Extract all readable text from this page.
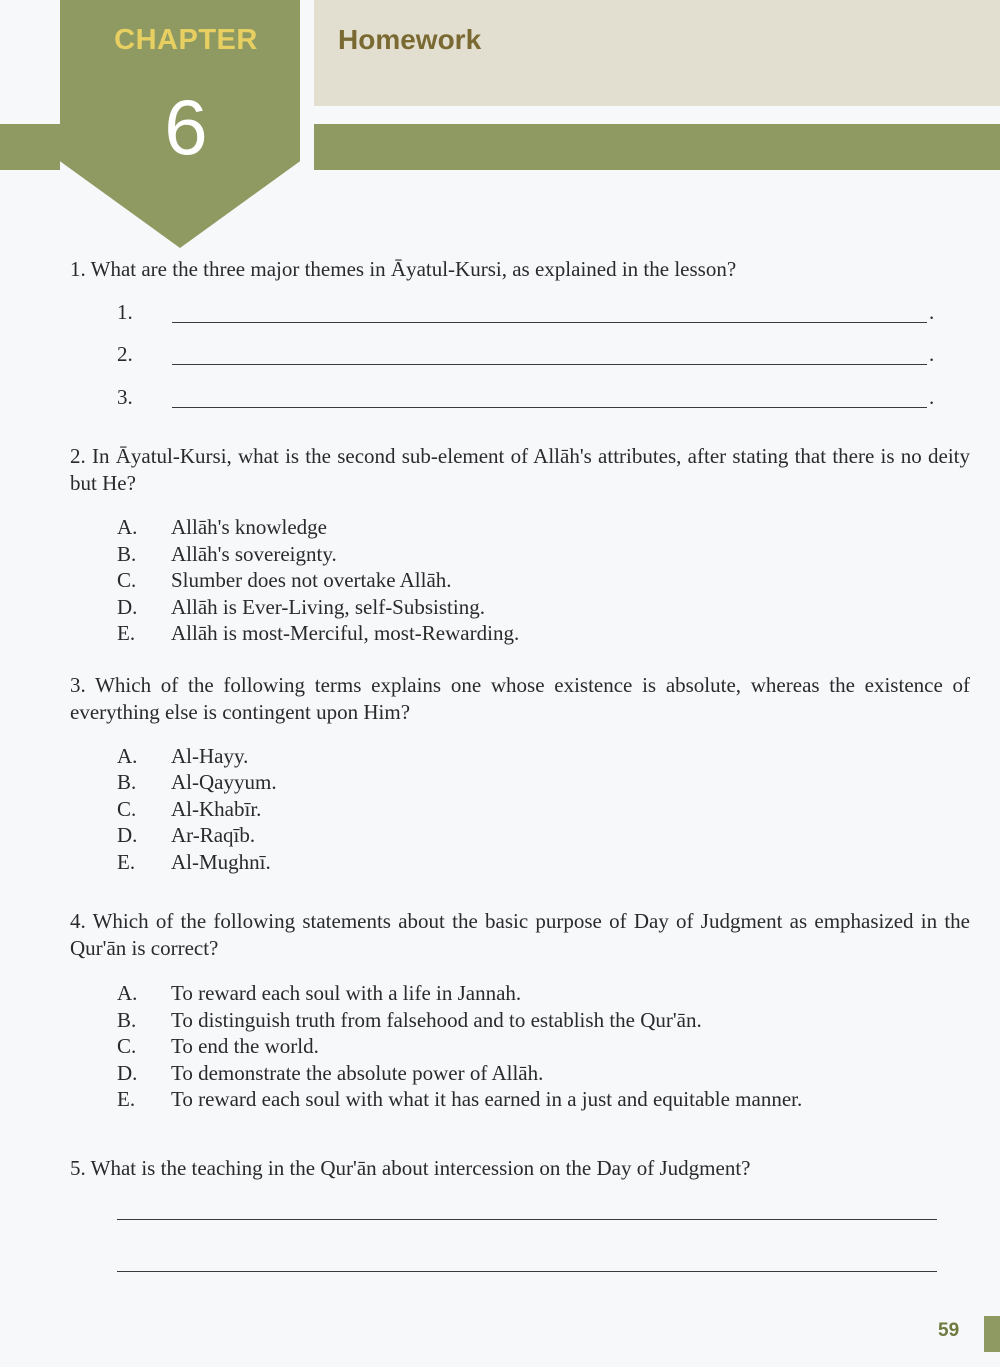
CHAPTER
6
Homework
1. What are the three major themes in Āyatul-Kursi, as explained in the lesson?
1.	.
2.	.
3.	.
2. In Āyatul-Kursi, what is the second sub-element of Allāh's attributes, after stating that there is no deity but He?
A. Allāh's knowledge
B. Allāh's sovereignty.
C. Slumber does not overtake Allāh.
D. Allāh is Ever-Living, self-Subsisting.
E. Allāh is most-Merciful, most-Rewarding.
3. Which of the following terms explains one whose existence is absolute, whereas the existence of everything else is contingent upon Him?
A. Al-Hayy.
B. Al-Qayyum.
C. Al-Khabīr.
D. Ar-Raqīb.
E. Al-Mughnī.
4. Which of the following statements about the basic purpose of Day of Judgment as emphasized in the Qur'ān is correct?
A. To reward each soul with a life in Jannah.
B. To distinguish truth from falsehood and to establish the Qur'ān.
C. To end the world.
D. To demonstrate the absolute power of Allāh.
E. To reward each soul with what it has earned in a just and equitable manner.
5. What is the teaching in the Qur'ān about intercession on the Day of Judgment?
59
